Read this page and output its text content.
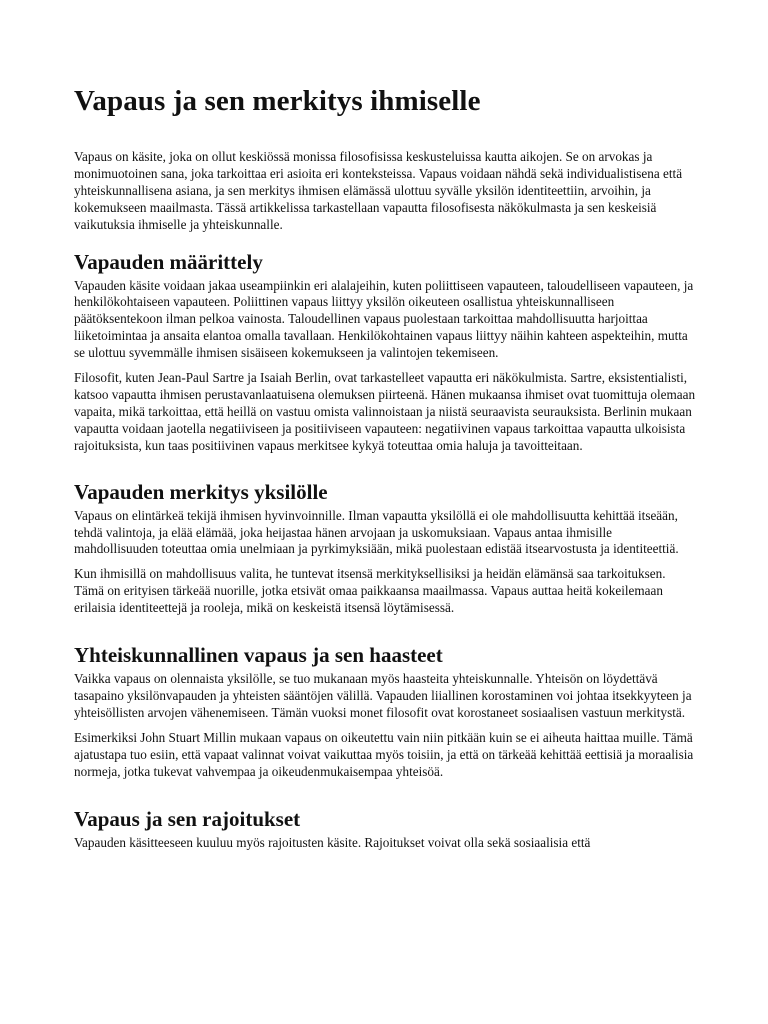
Vapaus ja sen merkitys ihmiselle

Vapaus on käsite, joka on ollut keskiössä monissa filosofisissa keskusteluissa kautta aikojen. Se on arvokas ja monimuotoinen sana, joka tarkoittaa eri asioita eri konteksteissa. Vapaus voidaan nähdä sekä individualistisena että yhteiskunnallisena asiana, ja sen merkitys ihmisen elämässä ulottuu syvälle yksilön identiteettiin, arvoihin, ja kokemukseen maailmasta. Tässä artikkelissa tarkastellaan vapautta filosofisesta näkökulmasta ja sen keskeisiä vaikutuksia ihmiselle ja yhteiskunnalle.

Vapauden määrittely

Vapauden käsite voidaan jakaa useampiinkin eri alalajeihin, kuten poliittiseen vapauteen, taloudelliseen vapauteen, ja henkilökohtaiseen vapauteen. Poliittinen vapaus liittyy yksilön oikeuteen osallistua yhteiskunnalliseen päätöksentekoon ilman pelkoa vainosta. Taloudellinen vapaus puolestaan tarkoittaa mahdollisuutta harjoittaa liiketoimintaa ja ansaita elantoa omalla tavallaan. Henkilökohtainen vapaus liittyy näihin kahteen aspekteihin, mutta se ulottuu syvemmälle ihmisen sisäiseen kokemukseen ja valintojen tekemiseen.

Filosofit, kuten Jean-Paul Sartre ja Isaiah Berlin, ovat tarkastelleet vapautta eri näkökulmista. Sartre, eksistentialisti, katsoo vapautta ihmisen perustavanlaatuisena olemuksen piirteenä. Hänen mukaansa ihmiset ovat tuomittuja olemaan vapaita, mikä tarkoittaa, että heillä on vastuu omista valinnoistaan ja niistä seuraavista seurauksista. Berlinin mukaan vapautta voidaan jaotella negatiiviseen ja positiiviseen vapauteen: negatiivinen vapaus tarkoittaa vapautta ulkoisista rajoituksista, kun taas positiivinen vapaus merkitsee kykyä toteuttaa omia haluja ja tavoitteitaan.

Vapauden merkitys yksilölle

Vapaus on elintärkeä tekijä ihmisen hyvinvoinnille. Ilman vapautta yksilöllä ei ole mahdollisuutta kehittää itseään, tehdä valintoja, ja elää elämää, joka heijastaa hänen arvojaan ja uskomuksiaan. Vapaus antaa ihmisille mahdollisuuden toteuttaa omia unelmiaan ja pyrkimyksiään, mikä puolestaan edistää itsearvostusta ja identiteettiä.

Kun ihmisillä on mahdollisuus valita, he tuntevat itsensä merkityksellisiksi ja heidän elämänsä saa tarkoituksen. Tämä on erityisen tärkeää nuorille, jotka etsivät omaa paikkaansa maailmassa. Vapaus auttaa heitä kokeilemaan erilaisia identiteettejä ja rooleja, mikä on keskeistä itsensä löytämisessä.

Yhteiskunnallinen vapaus ja sen haasteet

Vaikka vapaus on olennaista yksilölle, se tuo mukanaan myös haasteita yhteiskunnalle. Yhteisön on löydettävä tasapaino yksilönvapauden ja yhteisten sääntöjen välillä. Vapauden liiallinen korostaminen voi johtaa itsekkyyteen ja yhteisöllisten arvojen vähenemiseen. Tämän vuoksi monet filosofit ovat korostaneet sosiaalisen vastuun merkitystä.

Esimerkiksi John Stuart Millin mukaan vapaus on oikeutettu vain niin pitkään kuin se ei aiheuta haittaa muille. Tämä ajatustapa tuo esiin, että vapaat valinnat voivat vaikuttaa myös toisiin, ja että on tärkeää kehittää eettisiä ja moraalisia normeja, jotka tukevat vahvempaa ja oikeudenmukaisempaa yhteisöä.

Vapaus ja sen rajoitukset

Vapauden käsitteeseen kuuluu myös rajoitusten käsite. Rajoitukset voivat olla sekä sosiaalisia että
